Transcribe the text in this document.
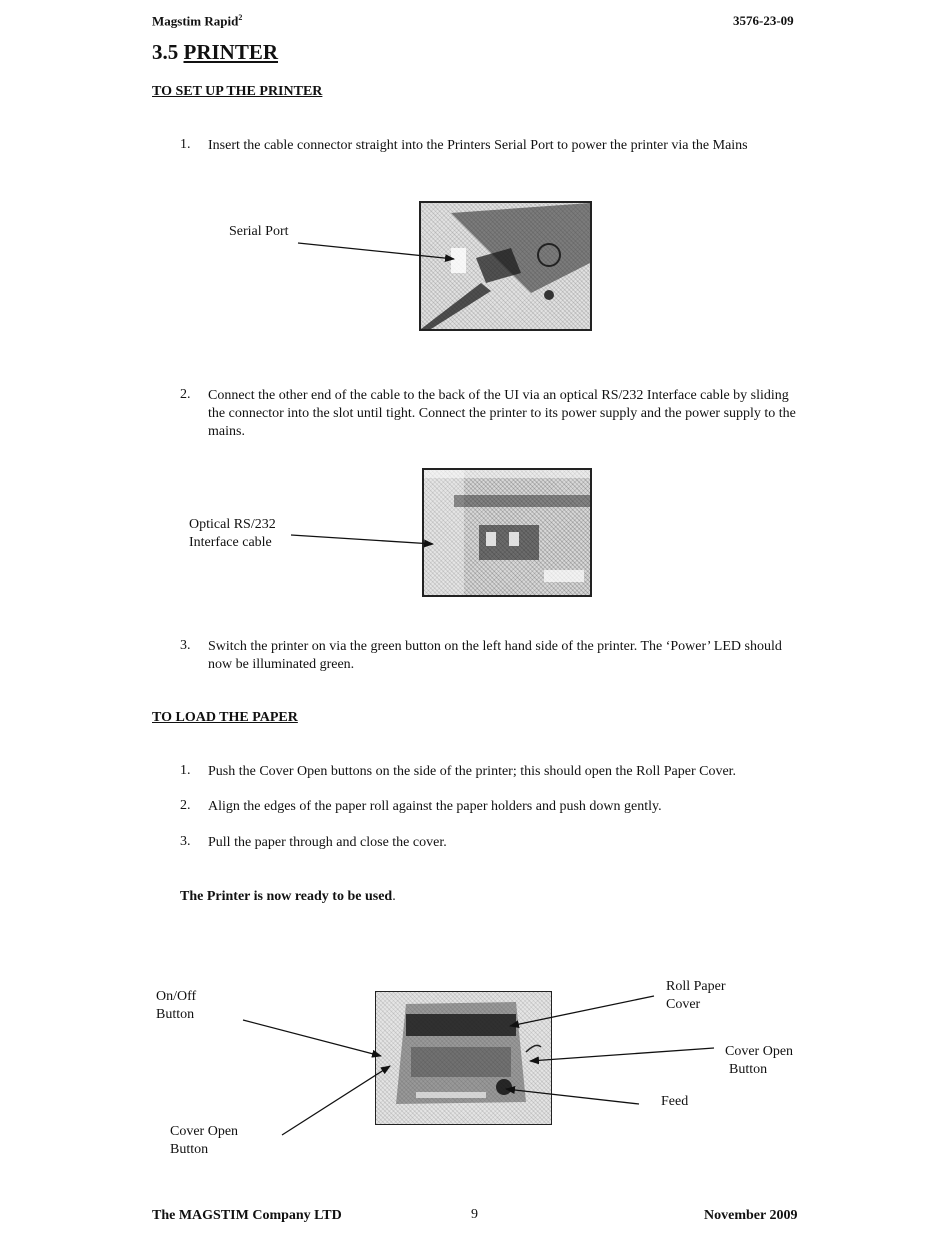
Magstim Rapid$^2$	3576-23-09
3.5 PRINTER
TO SET UP THE PRINTER
1. Insert the cable connector straight into the Printers Serial Port to power the printer via the Mains
Serial Port
2. Connect the other end of the cable to the back of the UI via an optical RS/232 Interface cable by sliding the connector into the slot until tight. Connect the printer to its power supply and the power supply to the mains.
Optical RS/232
Interface cable
3. Switch the printer on via the green button on the left hand side of the printer. The ‘Power’ LED should now be illuminated green.
TO LOAD THE PAPER
1. Push the Cover Open buttons on the side of the printer; this should open the Roll Paper Cover.
2. Align the edges of the paper roll against the paper holders and push down gently.
3. Pull the paper through and close the cover.
The Printer is now ready to be used.
On/Off
Button
Cover Open
Button
Roll Paper
Cover
Cover Open
Button
Feed
The MAGSTIM Company LTD	9	November 2009
